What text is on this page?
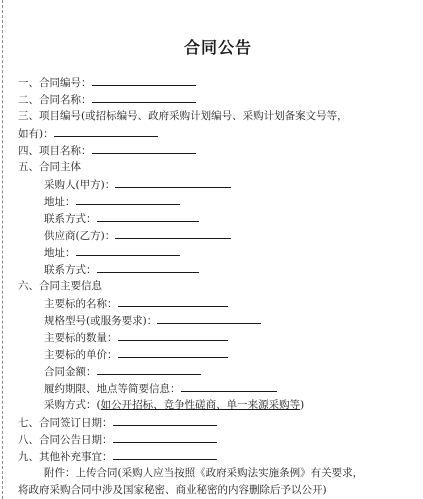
合同公告
一、合同编号：
二、合同名称：
三、项目编号(或招标编号、政府采购计划编号、采购计划备案文号等，
如有)：
四、项目名称：
五、合同主体
采购人(甲方)：
地址：
联系方式：
供应商(乙方)：
地址：
联系方式：
六、合同主要信息
主要标的名称：
规格型号(或服务要求)：
主要标的数量：
主要标的单价：
合同金额：
履约期限、地点等简要信息：
采购方式：(如公开招标、竞争性磋商、单一来源采购等)
七、合同签订日期：
八、合同公告日期：
九、其他补充事宜：
附件：上传合同(采购人应当按照《政府采购法实施条例》有关要求，
将政府采购合同中涉及国家秘密、商业秘密的内容删除后予以公开)
